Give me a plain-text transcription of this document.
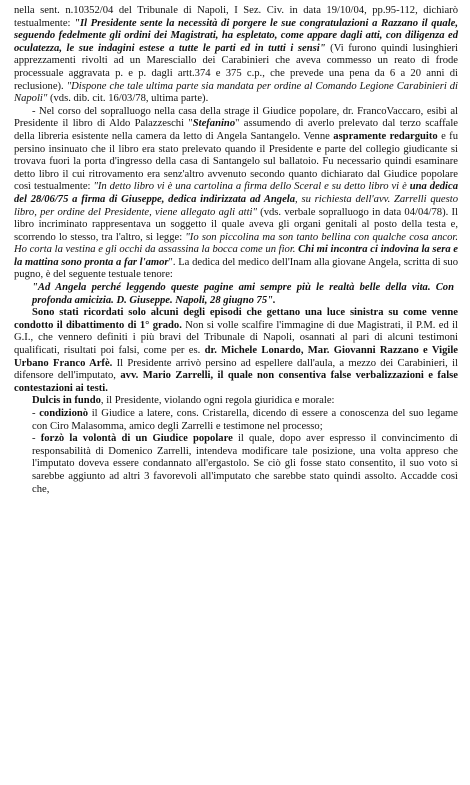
nella sent. n.10352/04 del Tribunale di Napoli, I Sez. Civ. in data 19/10/04, pp.95-112, dichiarò testualmente: "Il Presidente sente la necessità di porgere le sue congratulazioni a Razzano il quale, seguendo fedelmente gli ordini dei Magistrati, ha espletato, come appare dagli atti, con diligenza ed oculatezza, le sue indagini estese a tutte le parti ed in tutti i sensi" (Vi furono quindi lusinghieri apprezzamenti rivolti ad un Maresciallo dei Carabinieri che aveva commesso un reato di frode processuale aggravata p. e p. dagli artt.374 e 375 c.p., che prevede una pena da 6 a 20 anni di reclusione). "Dispone che tale ultima parte sia mandata per ordine al Comando Legione Carabinieri di Napoli" (vds. dib. cit. 16/03/78, ultima parte).

- Nel corso del sopralluogo nella casa della strage il Giudice popolare, dr. FrancoVaccaro, esibì al Presidente il libro di Aldo Palazzeschi "Stefanino" assumendo di averlo prelevato dal terzo scaffale della libreria esistente nella camera da letto di Angela Santangelo. Venne aspramente redarguito e fu persino insinuato che il libro era stato prelevato quando il Presidente e parte del collegio giudicante si trovava fuori la porta d'ingresso della casa di Santangelo sul ballatoio. Fu necessario quindi esaminare detto libro il cui ritrovamento era senz'altro avvenuto secondo quanto dichiarato dal Giudice popolare così testualmente: "In detto libro vi è una cartolina a firma dello Sceral e su detto libro vi è una dedica del 28/06/75 a firma di Giuseppe, dedica indirizzata ad Angela, su richiesta dell'avv. Zarrelli questo libro, per ordine del Presidente, viene allegato agli atti" (vds. verbale sopralluogo in data 04/04/78). Il libro incriminato rappresentava un soggetto il quale aveva gli organi genitali al posto della testa e, scorrendo lo stesso, tra l'altro, si legge: "Io son piccolina ma son tanto bellina con qualche cosa ancor. Ho corta la vestina e gli occhi da assassina la bocca come un fior. Chi mi incontra ci indovina la sera e la mattina sono pronta a far l'amor". La dedica del medico dell'Inam alla giovane Angela, scritta di suo pugno, è del seguente testuale tenore:

"Ad Angela perché leggendo queste pagine ami sempre più le realtà belle della vita. Con profonda amicizia. D. Giuseppe. Napoli, 28 giugno 75".

Sono stati ricordati solo alcuni degli episodi che gettano una luce sinistra su come venne condotto il dibattimento di 1° grado. Non si volle scalfire l'immagine di due Magistrati, il P.M. ed il G.I., che vennero definiti i più bravi del Tribunale di Napoli, osannati al pari di alcuni testimoni qualificati, risultati poi falsi, come per es. dr. Michele Lonardo, Mar. Giovanni Razzano e Vigile Urbano Franco Arfè. Il Presidente arrivò persino ad espellere dall'aula, a mezzo dei Carabinieri, il difensore dell'imputato, avv. Mario Zarrelli, il quale non consentiva false verbalizzazioni e false contestazioni ai testi.

Dulcis in fundo, il Presidente, violando ogni regola giuridica e morale:

- condizionò il Giudice a latere, cons. Cristarella, dicendo di essere a conoscenza del suo legame con Ciro Malasomma, amico degli Zarrelli e testimone nel processo;

- forzò la volontà di un Giudice popolare il quale, dopo aver espresso il convincimento di responsabilità di Domenico Zarrelli, intendeva modificare tale posizione, una volta appreso che l'imputato doveva essere condannato all'ergastolo. Se ciò gli fosse stato consentito, il suo voto si sarebbe aggiunto ad altri 3 favorevoli all'imputato che sarebbe stato quindi assolto. Accadde così che,
